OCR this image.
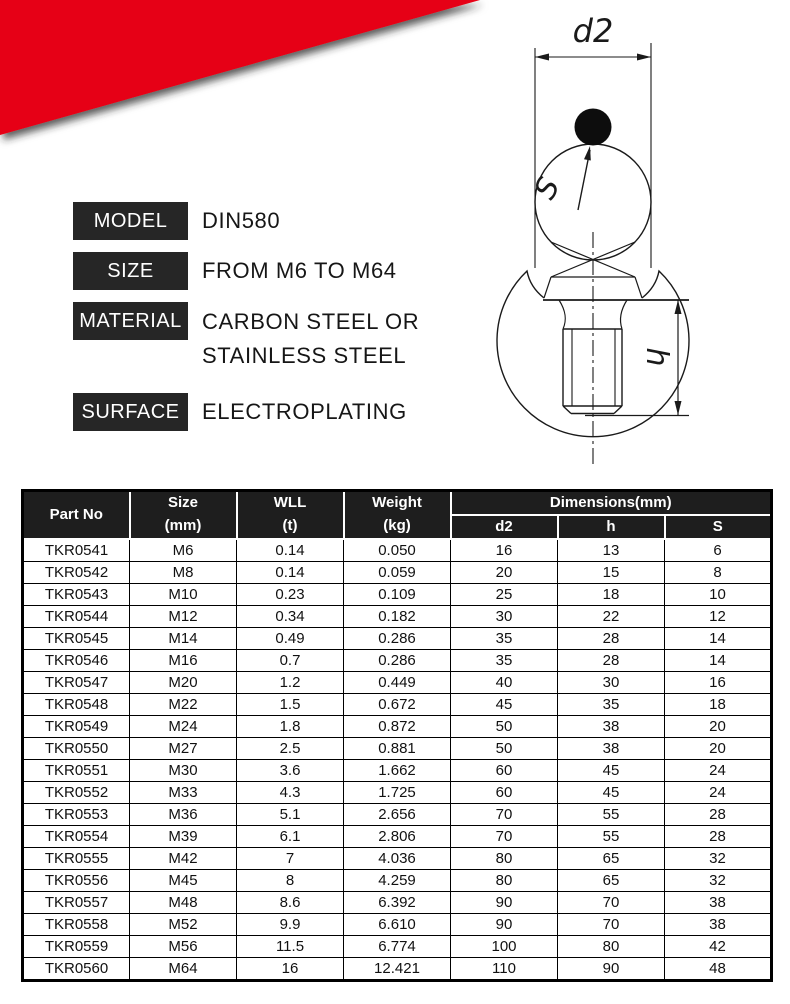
MODEL	DIN580
SIZE	FROM M6 TO M64
MATERIAL CARBON STEEL OR
STAINLESS STEEL
SURFACE	ELECTROPLATING
d2
S
h
Part No	Size	WLL	Weight	Dimensions(mm)		
	(mm)	(t)	(kg)	d2	h	S
TKR0541	M6	0.14	0.050	16	13	6
TKR0542	M8	0.14	0.059	20	15	8
TKR0543	M10	0.23	0.109	25	18	10
TKR0544	M12	0.34	0.182	30	22	12
TKR0545	M14	0.49	0.286	35	28	14
TKR0546	M16	0.7	0.286	35	28	14
TKR0547	M20	1.2	0.449	40	30	16
TKR0548	M22	1.5	0.672	45	35	18
TKR0549	M24	1.8	0.872	50	38	20
TKR0550	M27	2.5	0.881	50	38	20
TKR0551	M30	3.6	1.662	60	45	24
TKR0552	M33	4.3	1.725	60	45	24
TKR0553	M36	5.1	2.656	70	55	28
TKR0554	M39	6.1	2.806	70	55	28
TKR0555	M42	7	4.036	80	65	32
TKR0556	M45	8	4.259	80	65	32
TKR0557	M48	8.6	6.392	90	70	38
TKR0558	M52	9.9	6.610	90	70	38
TKR0559	M56	11.5	6.774	100	80	42
TKR0560	M64	16	12.421	110	90	48
